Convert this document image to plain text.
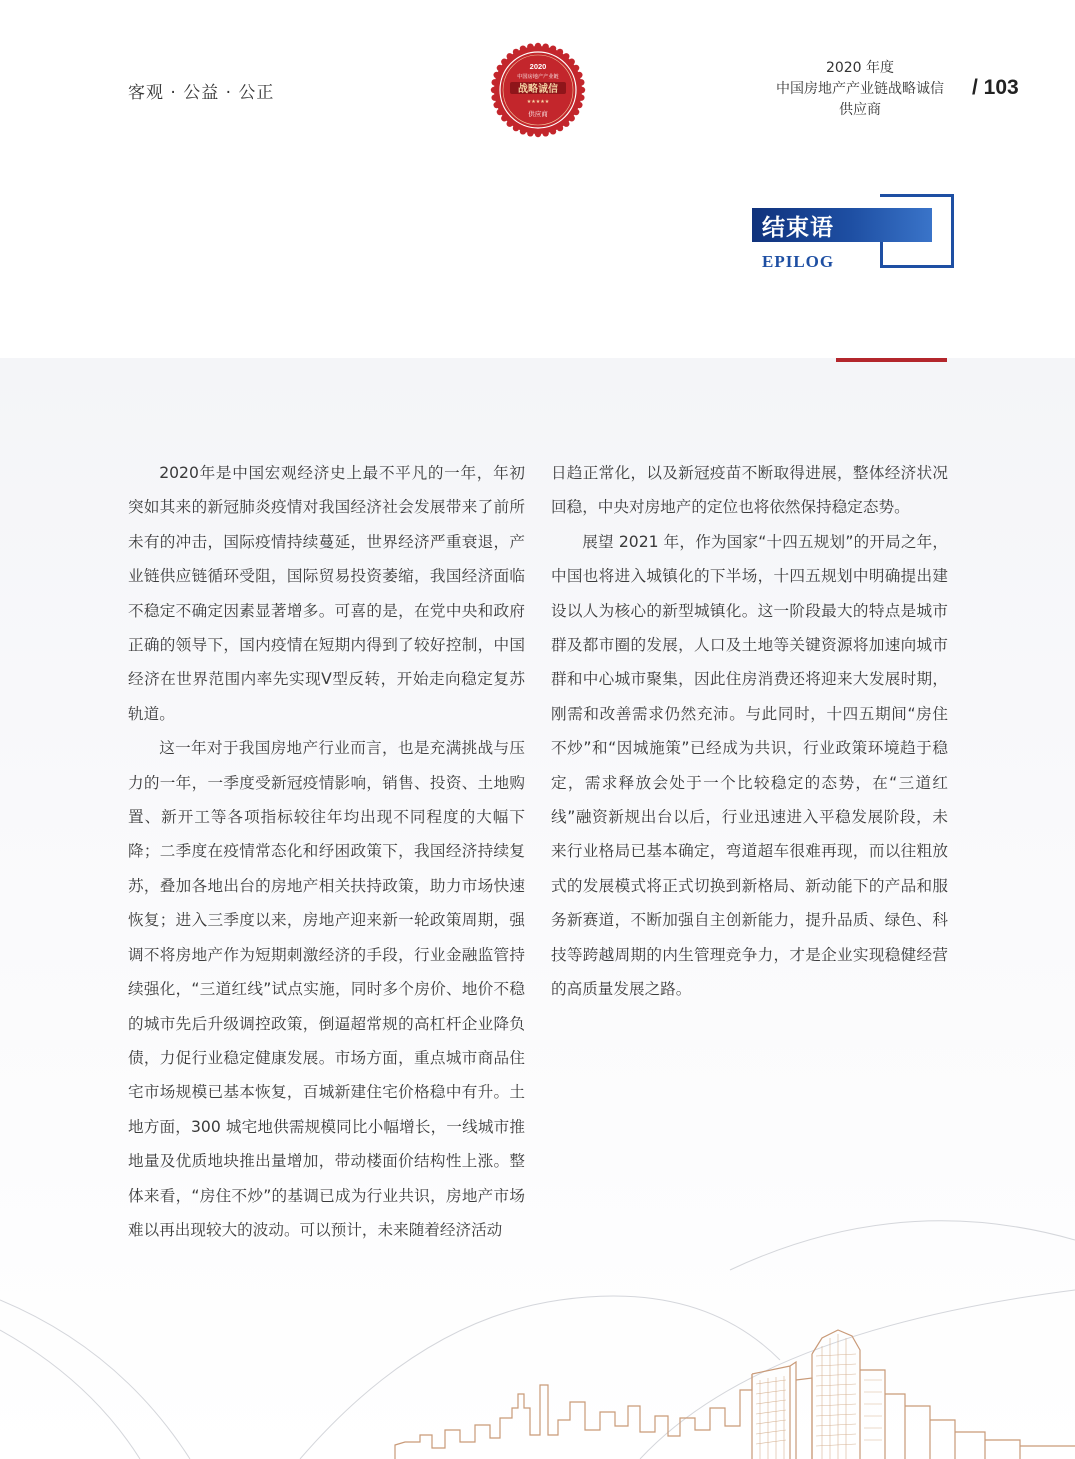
客观 · 公益 · 公正
2020
中国房地产产业链
战略诚信
★★★★★
供应商
2020 年度
中国房地产产业链战略诚信
供应商
/ 103
结束语
EPILOG

2020年是中国宏观经济史上最不平凡的一年，年初突如其来的新冠肺炎疫情对我国经济社会发展带来了前所未有的冲击，国际疫情持续蔓延，世界经济严重衰退，产业链供应链循环受阻，国际贸易投资萎缩，我国经济面临不稳定不确定因素显著增多。可喜的是，在党中央和政府正确的领导下，国内疫情在短期内得到了较好控制，中国经济在世界范围内率先实现Ⅴ型反转，开始走向稳定复苏轨道。

这一年对于我国房地产行业而言，也是充满挑战与压力的一年，一季度受新冠疫情影响，销售、投资、土地购置、新开工等各项指标较往年均出现不同程度的大幅下降；二季度在疫情常态化和纾困政策下，我国经济持续复苏，叠加各地出台的房地产相关扶持政策，助力市场快速恢复；进入三季度以来，房地产迎来新一轮政策周期，强调不将房地产作为短期刺激经济的手段，行业金融监管持续强化，“三道红线”试点实施，同时多个房价、地价不稳的城市先后升级调控政策，倒逼超常规的高杠杆企业降负债，力促行业稳定健康发展。市场方面，重点城市商品住宅市场规模已基本恢复，百城新建住宅价格稳中有升。土地方面，300 城宅地供需规模同比小幅增长，一线城市推地量及优质地块推出量增加，带动楼面价结构性上涨。整体来看，“房住不炒”的基调已成为行业共识，房地产市场难以再出现较大的波动。可以预计，未来随着经济活动

日趋正常化，以及新冠疫苗不断取得进展，整体经济状况回稳，中央对房地产的定位也将依然保持稳定态势。

展望 2021 年，作为国家“十四五规划”的开局之年，中国也将进入城镇化的下半场，十四五规划中明确提出建设以人为核心的新型城镇化。这一阶段最大的特点是城市群及都市圈的发展，人口及土地等关键资源将加速向城市群和中心城市聚集，因此住房消费还将迎来大发展时期，刚需和改善需求仍然充沛。与此同时，十四五期间“房住不炒”和“因城施策”已经成为共识，行业政策环境趋于稳定，需求释放会处于一个比较稳定的态势，在“三道红线”融资新规出台以后，行业迅速进入平稳发展阶段，未来行业格局已基本确定，弯道超车很难再现，而以往粗放式的发展模式将正式切换到新格局、新动能下的产品和服务新赛道，不断加强自主创新能力，提升品质、绿色、科技等跨越周期的内生管理竞争力，才是企业实现稳健经营的高质量发展之路。
